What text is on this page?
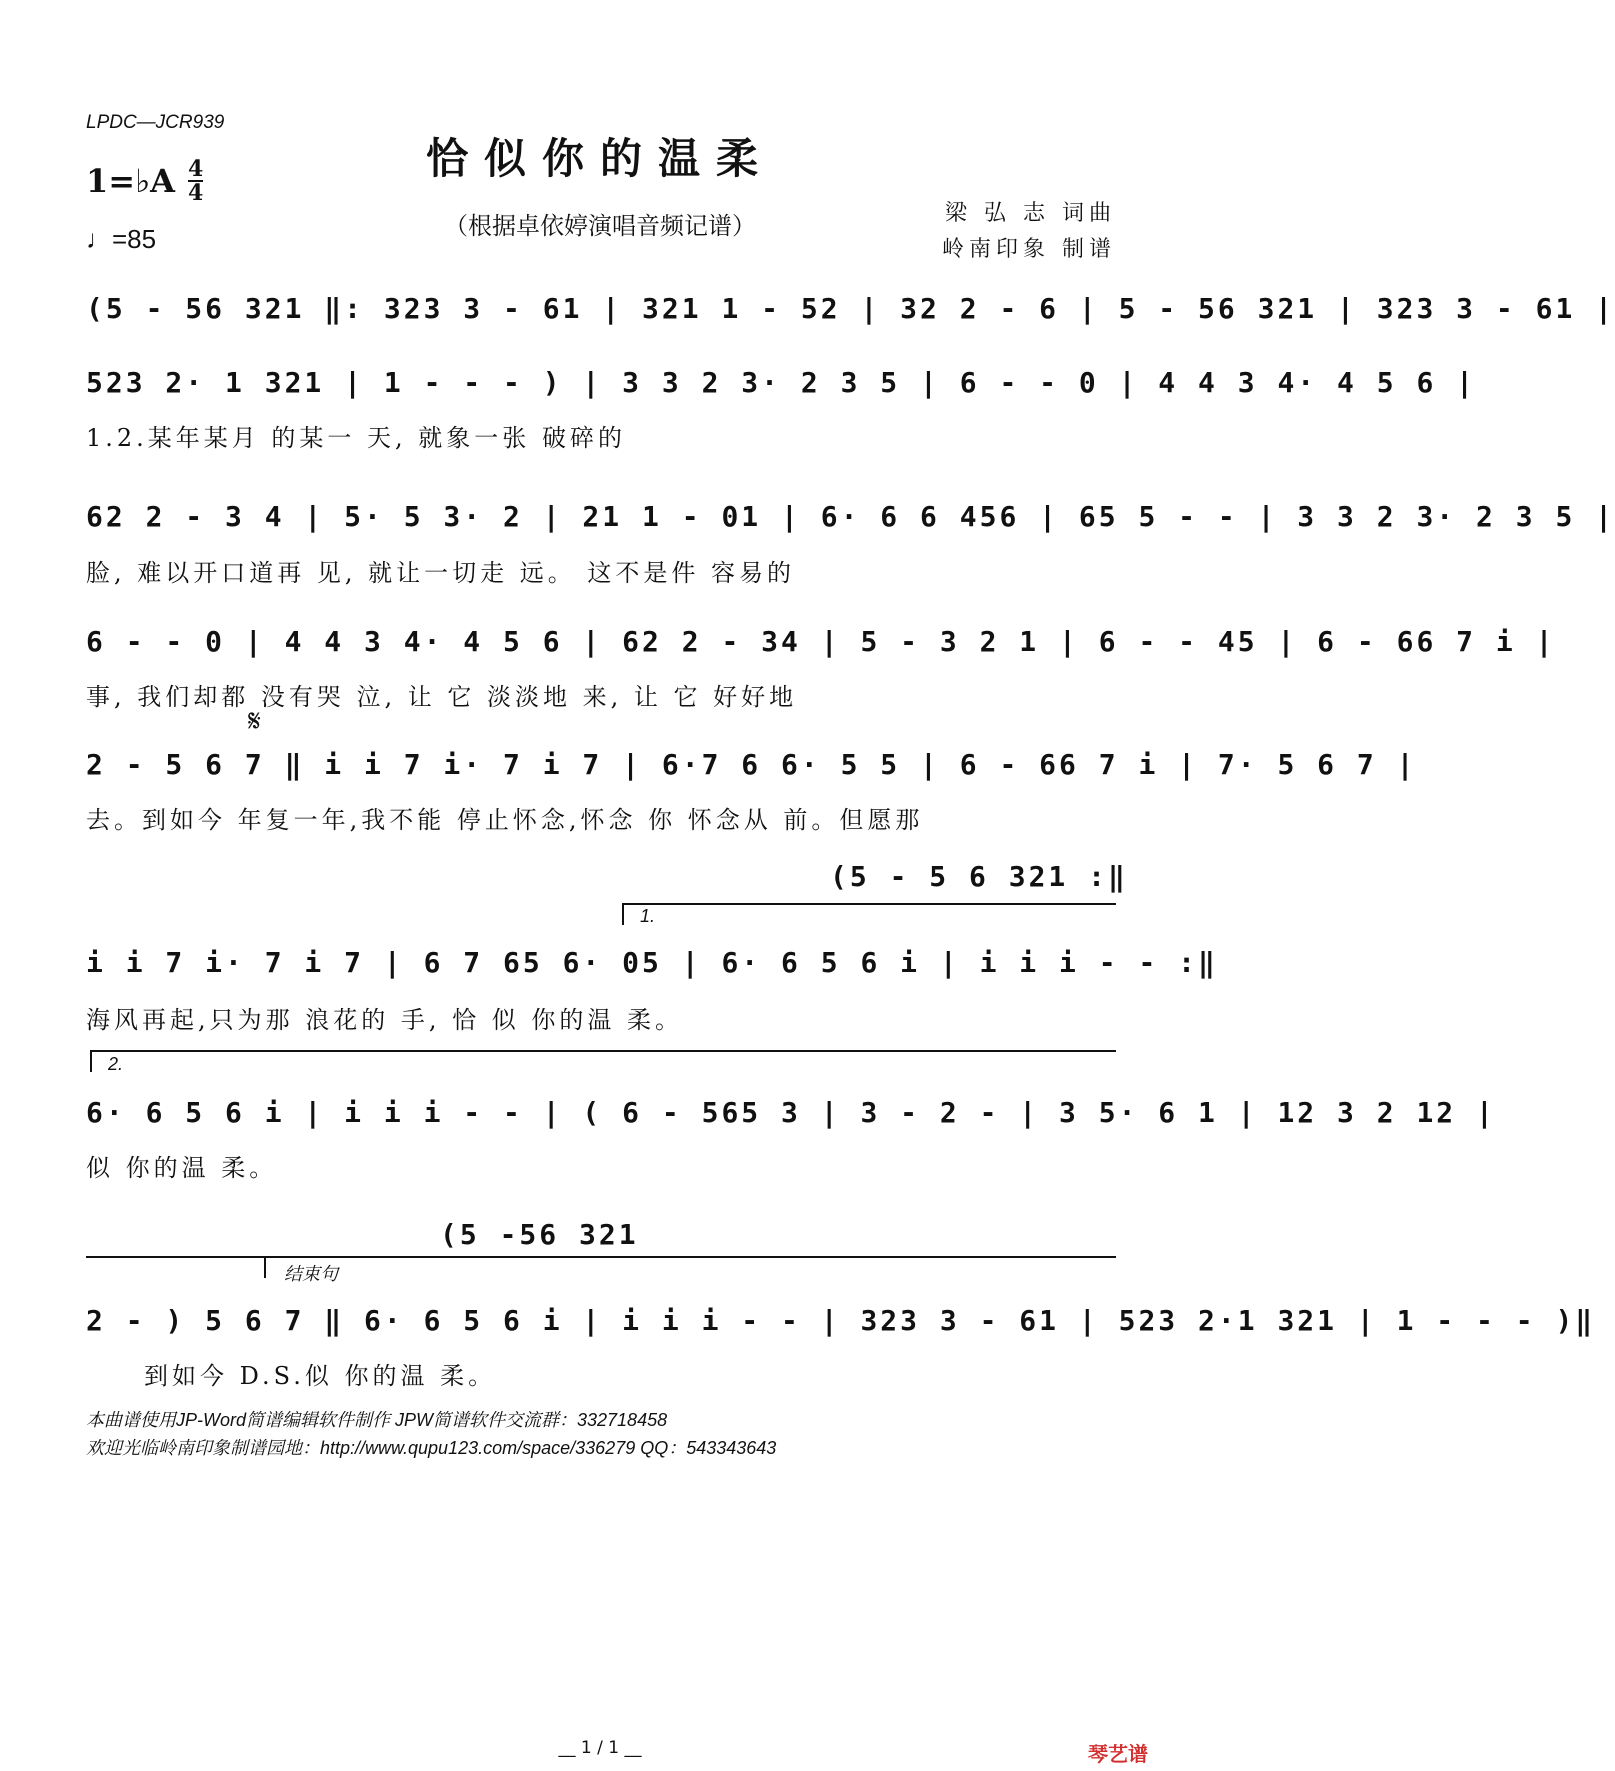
LPDC—JCR939
恰似你的温柔
（根据卓依婷演唱音频记谱）
1=♭A 4
4
♩=85
梁 弘 志 词曲
岭南印象 制谱
(5 - 56 321 ‖: 323 3 - 61 | 321 1 - 52 | 32 2 - 6 | 5 - 56 321 | 323 3 - 61 |
523 2· 1 321 | 1 - - - ) | 3 3 2 3· 2 3 5 | 6 - - 0 | 4 4 3 4· 4 5 6 |
1.2.某年某月 的某一 天, 就象一张 破碎的
62 2 - 3 4 | 5· 5 3· 2 | 21 1 - 01 | 6· 6 6 456 | 65 5 - - | 3 3 2 3· 2 3 5 |
脸, 难以开口道再 见, 就让一切走 远。 这不是件 容易的
6 - - 0 | 4 4 3 4· 4 5 6 | 62 2 - 34 | 5 - 3 2 1 | 6 - - 45 | 6 - 66 7 i |
事, 我们却都 没有哭 泣, 让 它 淡淡地 来, 让 它 好好地
𝄋
2 - 5 6 7 ‖ i i 7 i· 7 i 7 | 6·7 6 6· 5 5 | 6 - 66 7 i | 7· 5 6 7 |
去。到如今 年复一年,我不能 停止怀念,怀念 你 怀念从 前。但愿那
(5 - 5 6 321 :‖
1.
i i 7 i· 7 i 7 | 6 7 65 6· 05 | 6· 6 5 6 i | i i i - - :‖
海风再起,只为那 浪花的 手, 恰 似 你的温 柔。
2.
6· 6 5 6 i | i i i - - | ( 6 - 565 3 | 3 - 2 - | 3 5· 6 1 | 12 3 2 12 |
似 你的温 柔。
(5 -56 321
结束句
2 - ) 5 6 7 ‖ 6· 6 5 6 i | i i i - - | 323 3 - 61 | 523 2·1 321 | 1 - - - )‖
到如今 D.S.似 你的温 柔。
本曲谱使用JP-Word简谱编辑软件制作 JPW简谱软件交流群：332718458
欢迎光临岭南印象制谱园地：http://www.qupu123.com/space/336279 QQ：543343643
__ 1 / 1 __	琴艺谱
